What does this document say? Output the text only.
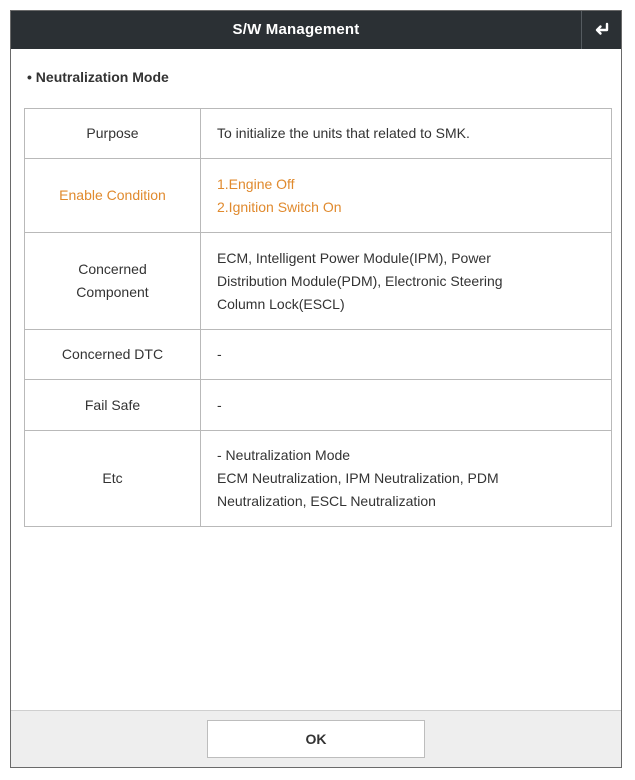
S/W Management
• Neutralization Mode
Purpose	To initialize the units that related to SMK.

Enable Condition	1.Engine Off
2.Ignition Switch On

Concerned
Component	ECM, Intelligent Power Module(IPM), Power
Distribution Module(PDM), Electronic Steering
Column Lock(ESCL)

Concerned DTC	-

Fail Safe	-

Etc	- Neutralization Mode
ECM Neutralization, IPM Neutralization, PDM
Neutralization, ESCL Neutralization
OK
